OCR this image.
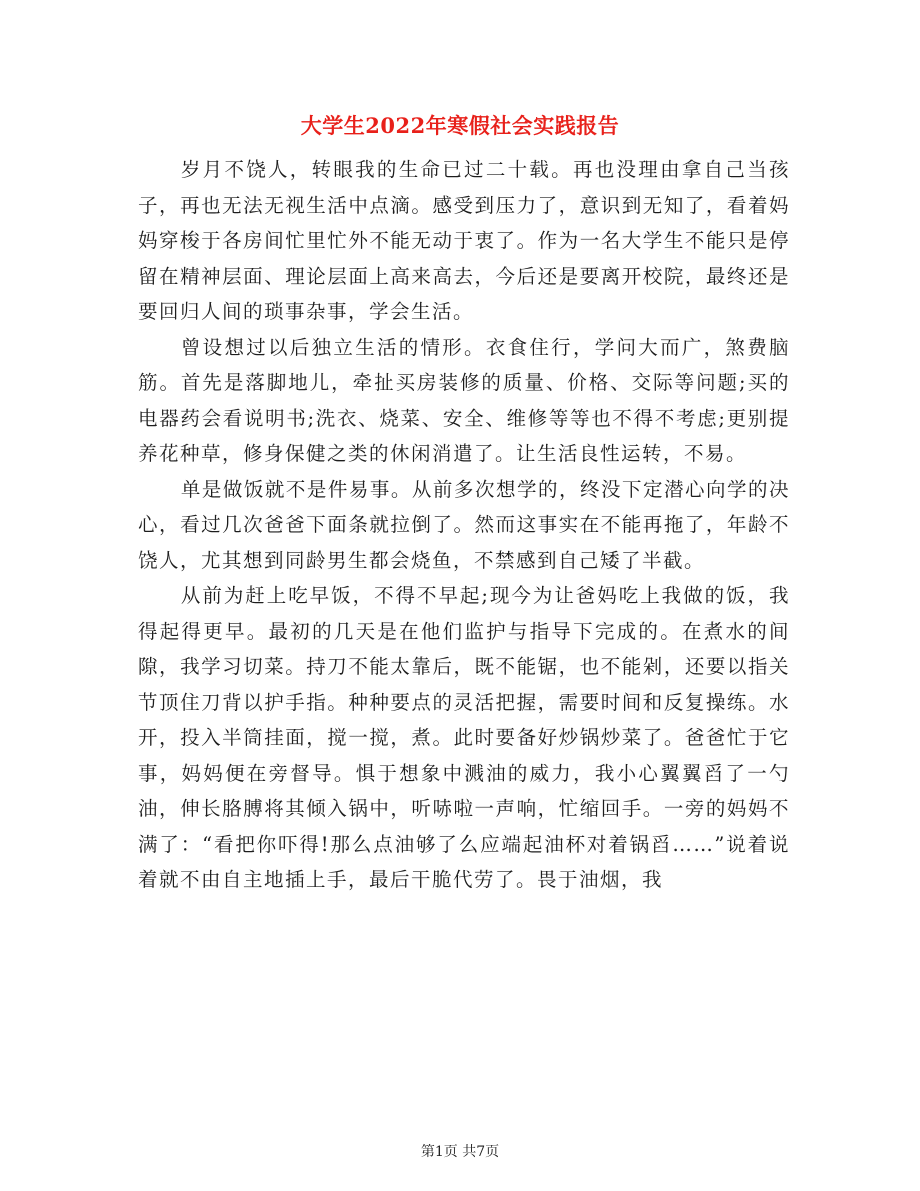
大学生2022年寒假社会实践报告

岁月不饶人，转眼我的生命已过二十载。再也没理由拿自己当孩子，再也无法无视生活中点滴。感受到压力了，意识到无知了，看着妈妈穿梭于各房间忙里忙外不能无动于衷了。作为一名大学生不能只是停留在精神层面、理论层面上高来高去，今后还是要离开校院，最终还是要回归人间的琐事杂事，学会生活。

曾设想过以后独立生活的情形。衣食住行，学问大而广，煞费脑筋。首先是落脚地儿，牵扯买房装修的质量、价格、交际等问题;买的电器药会看说明书;洗衣、烧菜、安全、维修等等也不得不考虑;更别提养花种草，修身保健之类的休闲消遣了。让生活良性运转，不易。

单是做饭就不是件易事。从前多次想学的，终没下定潜心向学的决心，看过几次爸爸下面条就拉倒了。然而这事实在不能再拖了，年龄不饶人，尤其想到同龄男生都会烧鱼，不禁感到自己矮了半截。

从前为赶上吃早饭，不得不早起;现今为让爸妈吃上我做的饭，我得起得更早。最初的几天是在他们监护与指导下完成的。在煮水的间隙，我学习切菜。持刀不能太靠后，既不能锯，也不能剁，还要以指关节顶住刀背以护手指。种种要点的灵活把握，需要时间和反复操练。水开，投入半筒挂面，搅一搅，煮。此时要备好炒锅炒菜了。爸爸忙于它事，妈妈便在旁督导。惧于想象中溅油的威力，我小心翼翼舀了一勺油，伸长胳膊将其倾入锅中，听哧啦一声响，忙缩回手。一旁的妈妈不满了：“看把你吓得!那么点油够了么应端起油杯对着锅舀……”说着说着就不由自主地插上手，最后干脆代劳了。畏于油烟，我

第1页 共7页
